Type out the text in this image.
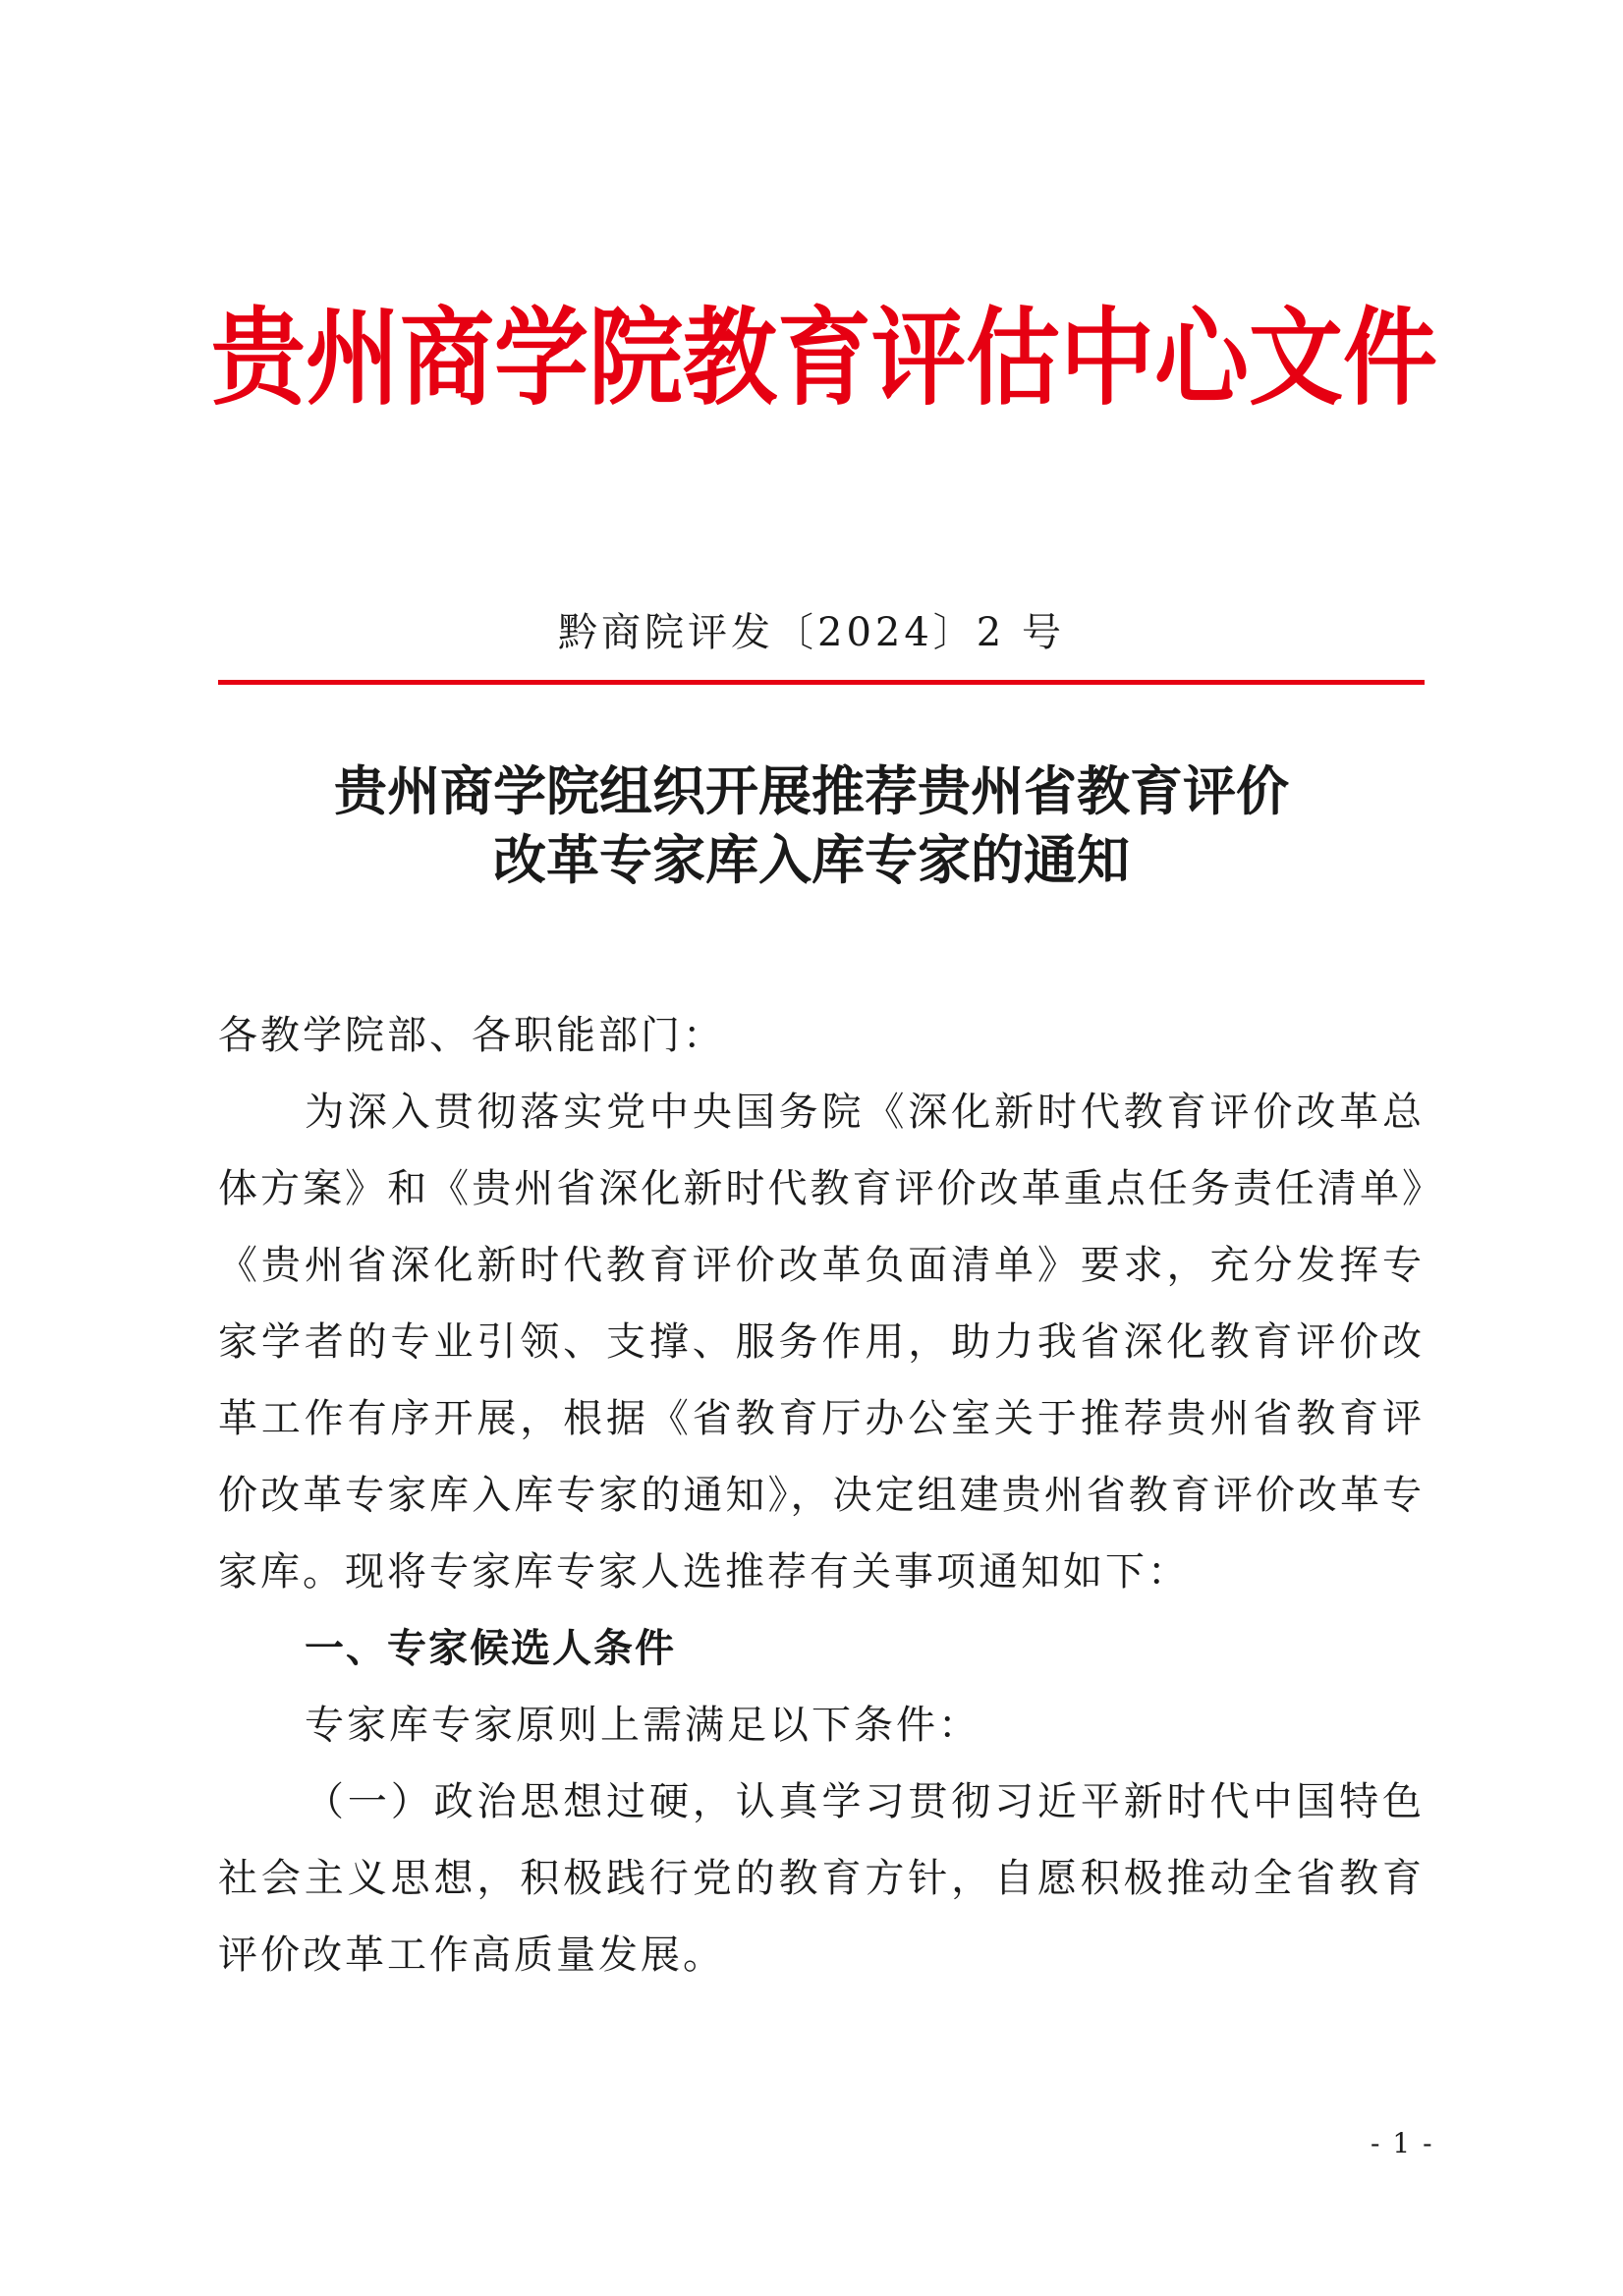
贵州商学院教育评估中心文件
黔商院评发〔2024〕2 号
贵州商学院组织开展推荐贵州省教育评价
改革专家库入库专家的通知

各教学院部、各职能部门：

为深入贯彻落实党中央国务院《深化新时代教育评价改革总体方案》和《贵州省深化新时代教育评价改革重点任务责任清单》《贵州省深化新时代教育评价改革负面清单》要求，充分发挥专家学者的专业引领、支撑、服务作用，助力我省深化教育评价改革工作有序开展，根据《省教育厅办公室关于推荐贵州省教育评价改革专家库入库专家的通知》，决定组建贵州省教育评价改革专家库。现将专家库专家人选推荐有关事项通知如下：

一、专家候选人条件

专家库专家原则上需满足以下条件：

（一）政治思想过硬，认真学习贯彻习近平新时代中国特色社会主义思想，积极践行党的教育方针，自愿积极推动全省教育评价改革工作高质量发展。

- 1 -
